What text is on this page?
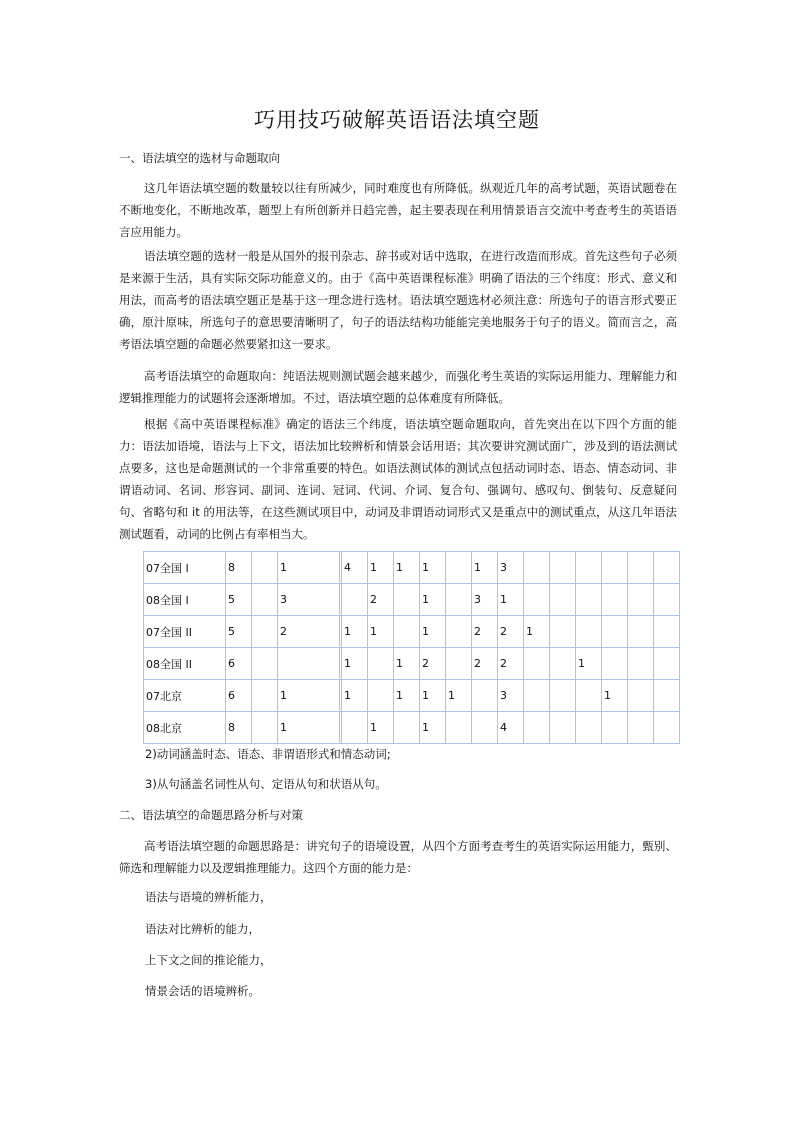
巧用技巧破解英语语法填空题

一、语法填空的选材与命题取向

这几年语法填空题的数量较以往有所减少，同时难度也有所降低。纵观近几年的高考试题，英语试题卷在不断地变化，不断地改革，题型上有所创新并日趋完善，起主要表现在利用情景语言交流中考查考生的英语语言应用能力。

语法填空题的选材一般是从国外的报刊杂志、辞书或对话中选取，在进行改造而形成。首先这些句子必须是来源于生活，具有实际交际功能意义的。由于《高中英语课程标准》明确了语法的三个纬度：形式、意义和用法，而高考的语法填空题正是基于这一理念进行选材。语法填空题选材必须注意：所选句子的语言形式要正确，原汁原味，所选句子的意思要清晰明了，句子的语法结构功能能完美地服务于句子的语义。简而言之，高考语法填空题的命题必然要紧扣这一要求。

高考语法填空的命题取向：纯语法规则测试题会越来越少，而强化考生英语的实际运用能力、理解能力和逻辑推理能力的试题将会逐渐增加。不过，语法填空题的总体难度有所降低。

根据《高中英语课程标准》确定的语法三个纬度，语法填空题命题取向，首先突出在以下四个方面的能力：语法加语境，语法与上下文，语法加比较辨析和情景会话用语；其次要讲究测试面广，涉及到的语法测试点要多，这也是命题测试的一个非常重要的特色。如语法测试体的测试点包括动词时态、语态、情态动词、非谓语动词、名词、形容词、副词、连词、冠词、代词、介词、复合句、强调句、感叹句、倒装句、反意疑问句、省略句和 it 的用法等，在这些测试项目中，动词及非谓语动词形式又是重点中的测试重点，从这几年语法测试题看，动词的比例占有率相当大。

07全国 I	8		1		4	1	1	1		1	3						
08全国 I	5		3			2		1		3	1						
07全国 II	5		2		1	1		1		2	2	1					
08全国 II	6				1		1	2		2	2			1			
07北京	6		1		1		1	1	1		3				1		
08北京	8		1			1		1			4						

2)动词涵盖时态、语态、非谓语形式和情态动词;

3)从句涵盖名词性从句、定语从句和状语从句。

二、语法填空的命题思路分析与对策

高考语法填空题的命题思路是：讲究句子的语境设置，从四个方面考查考生的英语实际运用能力，甄别、筛选和理解能力以及逻辑推理能力。这四个方面的能力是：

语法与语境的辨析能力，

语法对比辨析的能力，

上下文之间的推论能力，

情景会话的语境辨析。
